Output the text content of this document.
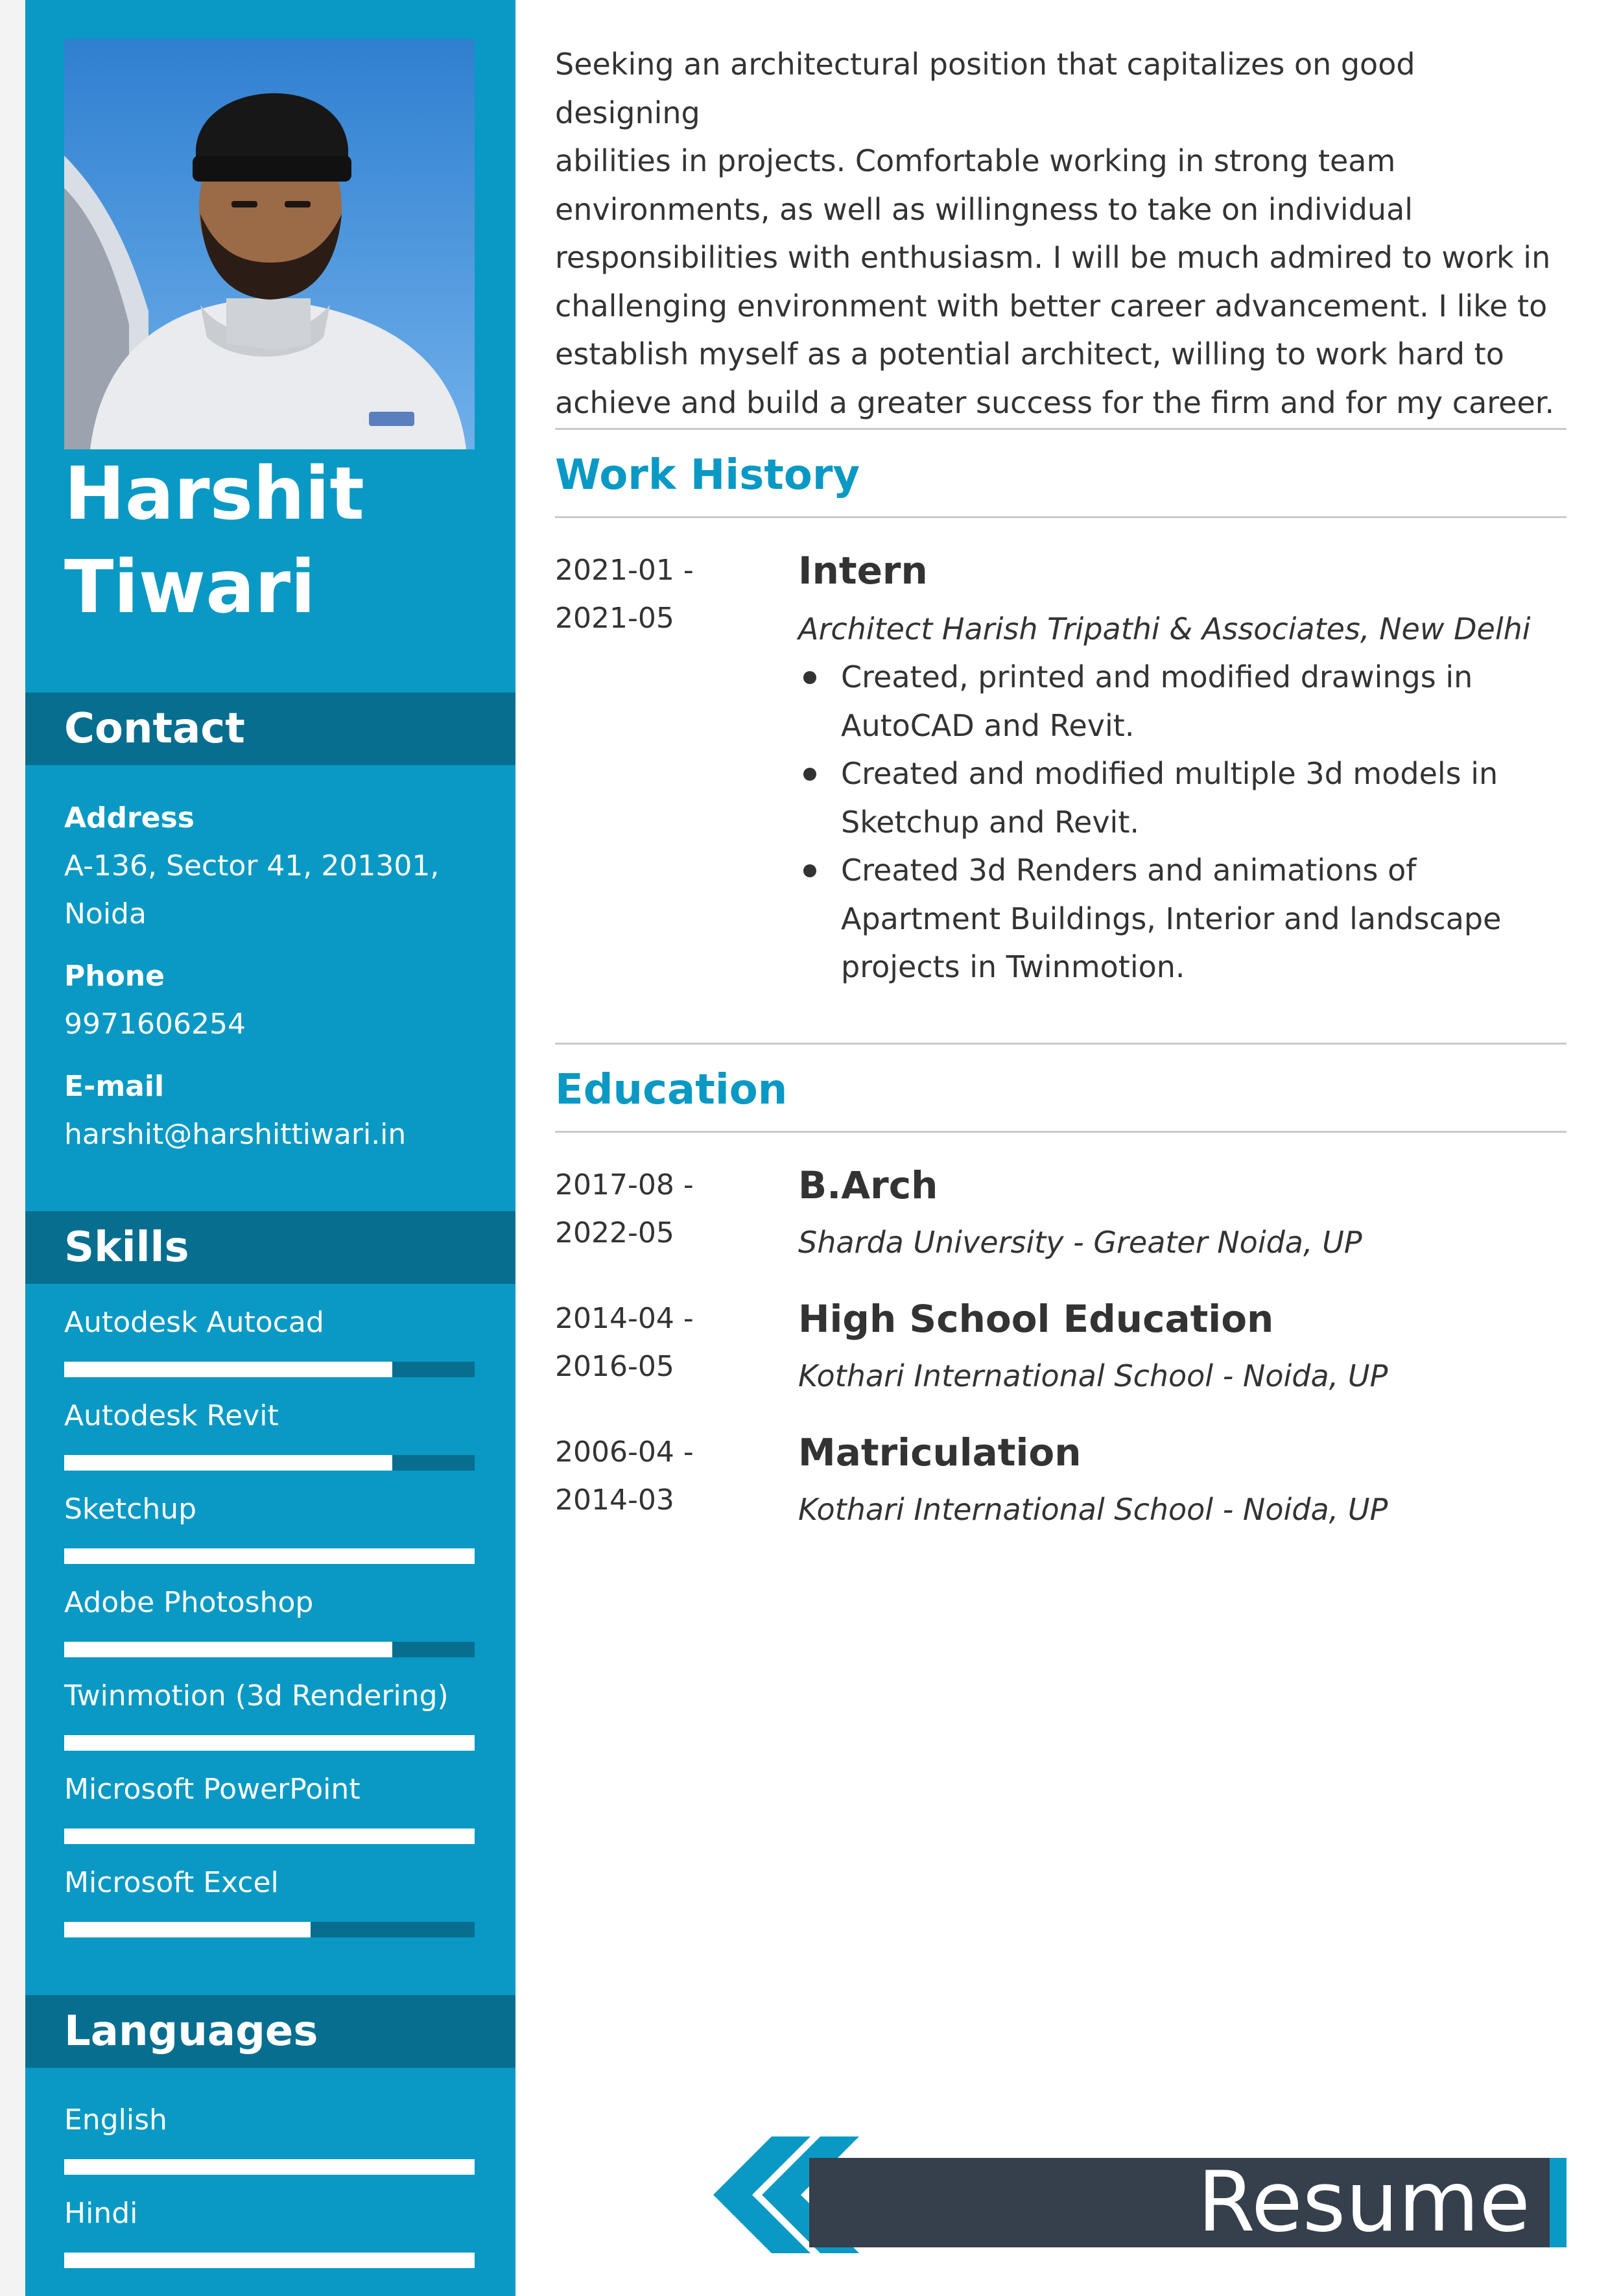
Harshit
Tiwari
Contact
Address
A-136, Sector 41, 201301,
Noida
Phone
9971606254
E-mail
harshit@harshittiwari.in
Skills
Autodesk Autocad
Autodesk Revit
Sketchup
Adobe Photoshop
Twinmotion (3d Rendering)
Microsoft PowerPoint
Microsoft Excel
Languages
English
Hindi
Seeking an architectural position that capitalizes on good designing
abilities in projects. Comfortable working in strong team
environments, as well as willingness to take on individual
responsibilities with enthusiasm. I will be much admired to work in
challenging environment with better career advancement. I like to
establish myself as a potential architect, willing to work hard to
achieve and build a greater success for the firm and for my career.
Work History
2021-01 -
2021-05
Intern
Architect Harish Tripathi & Associates, New Delhi
Created, printed and modified drawings in
AutoCAD and Revit.
Created and modified multiple 3d models in
Sketchup and Revit.
Created 3d Renders and animations of
Apartment Buildings, Interior and landscape
projects in Twinmotion.
Education
2017-08 -
2022-05
B.Arch
Sharda University - Greater Noida, UP
2014-04 -
2016-05
High School Education
Kothari International School - Noida, UP
2006-04 -
2014-03
Matriculation
Kothari International School - Noida, UP
Resume
